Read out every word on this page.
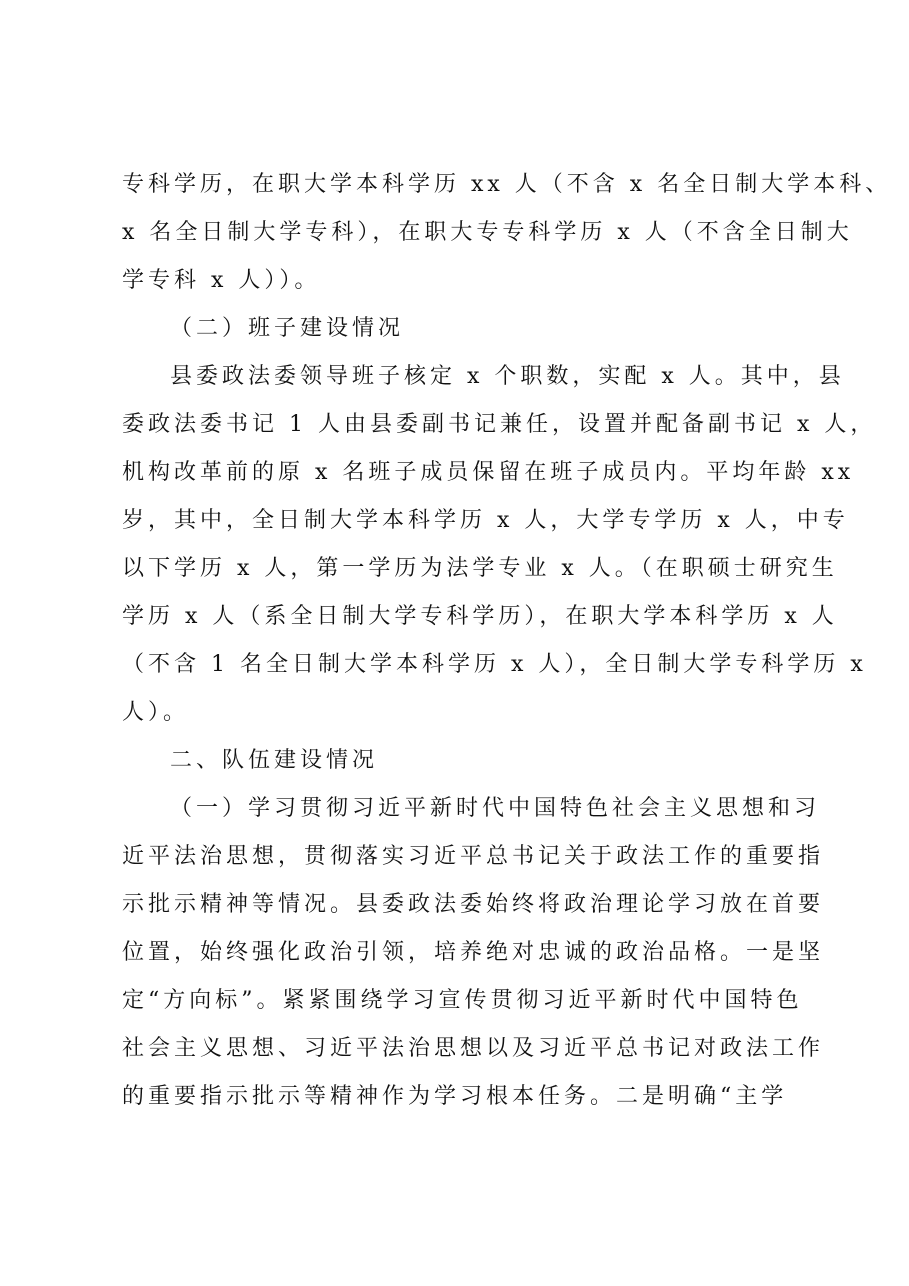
专科学历，在职大学本科学历 xx 人（不含 x 名全日制大学本科、
x 名全日制大学专科），在职大专专科学历 x 人（不含全日制大
学专科 x 人））。
（二）班子建设情况
县委政法委领导班子核定 x 个职数，实配 x 人。其中，县
委政法委书记 1 人由县委副书记兼任，设置并配备副书记 x 人，
机构改革前的原 x 名班子成员保留在班子成员内。平均年龄 xx
岁，其中，全日制大学本科学历 x 人，大学专学历 x 人，中专
以下学历 x 人，第一学历为法学专业 x 人。（在职硕士研究生
学历 x 人（系全日制大学专科学历），在职大学本科学历 x 人
（不含 1 名全日制大学本科学历 x 人），全日制大学专科学历 x
人）。
二、队伍建设情况
（一）学习贯彻习近平新时代中国特色社会主义思想和习
近平法治思想，贯彻落实习近平总书记关于政法工作的重要指
示批示精神等情况。县委政法委始终将政治理论学习放在首要
位置，始终强化政治引领，培养绝对忠诚的政治品格。一是坚
定“方向标”。紧紧围绕学习宣传贯彻习近平新时代中国特色
社会主义思想、习近平法治思想以及习近平总书记对政法工作
的重要指示批示等精神作为学习根本任务。二是明确“主学
